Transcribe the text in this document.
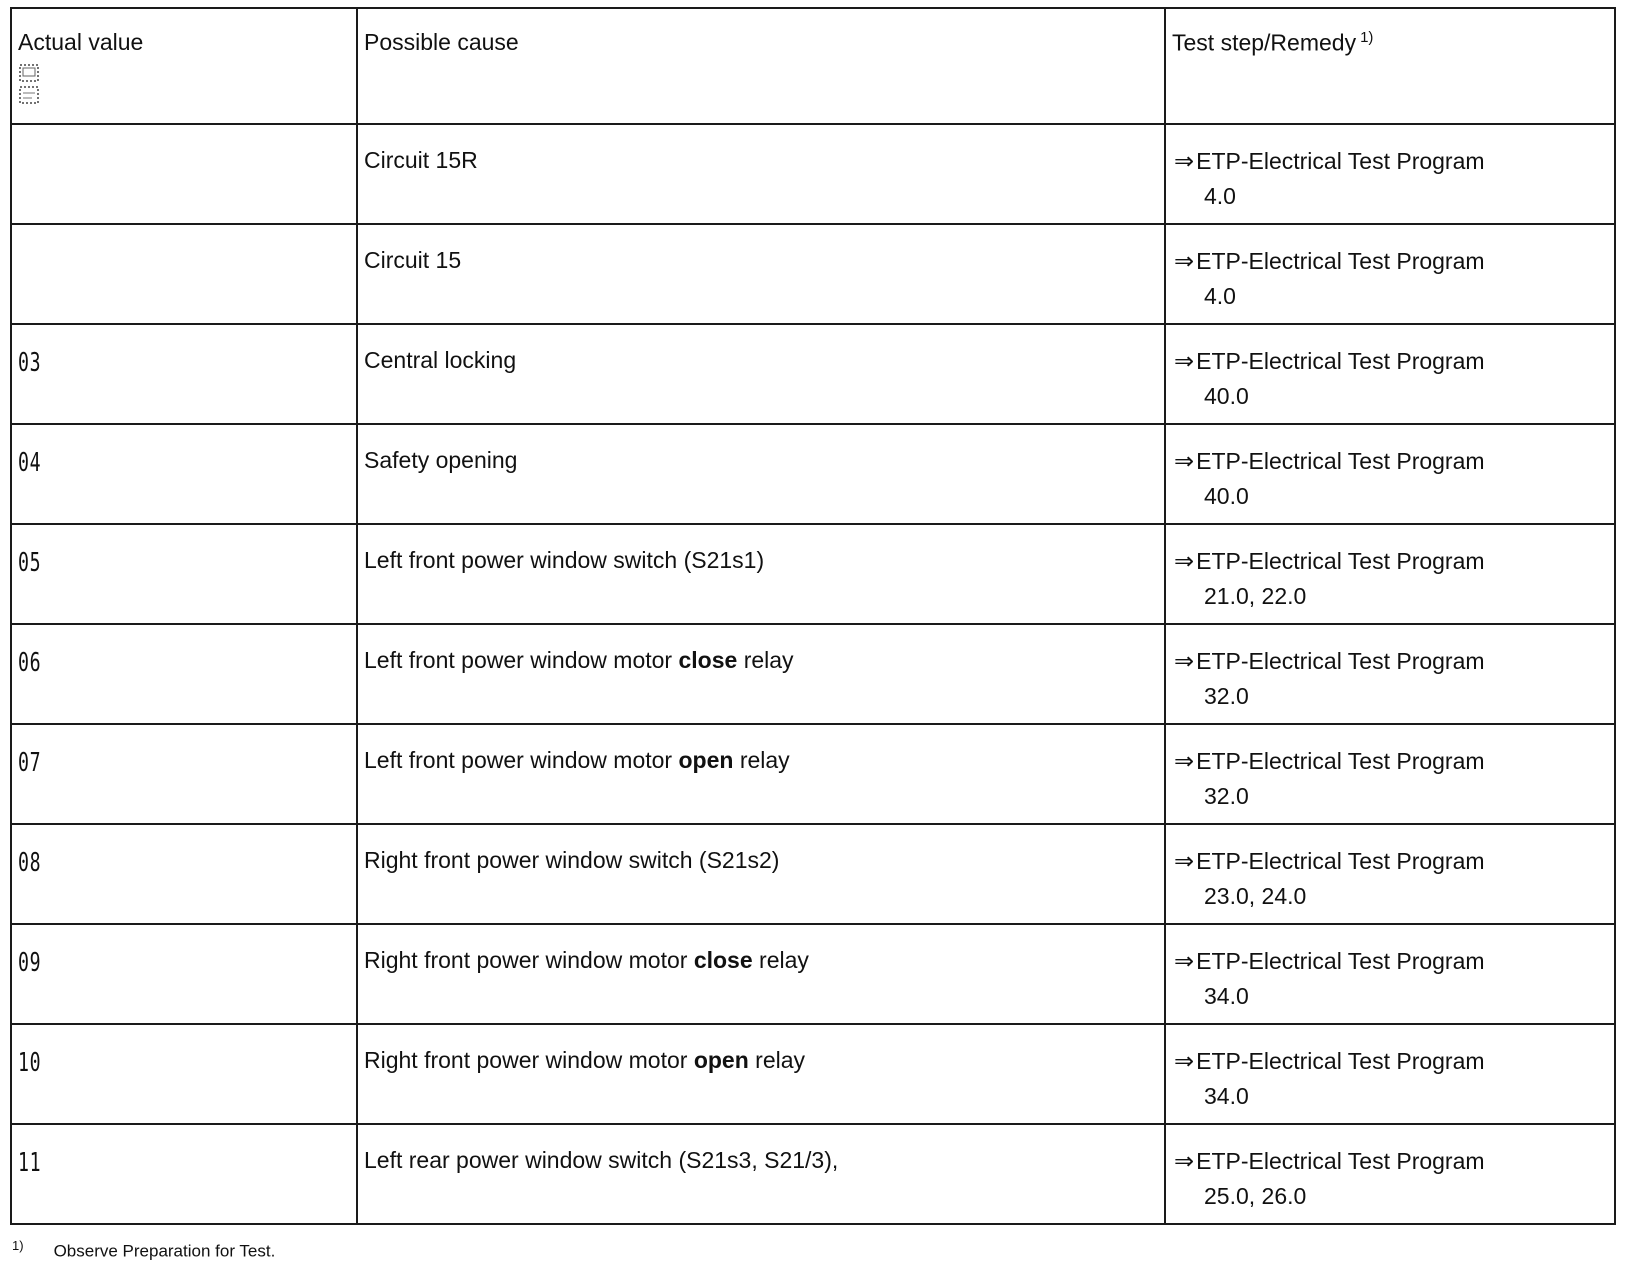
Actual value	Possible cause	Test step/Remedy $^{1)}$

	Circuit 15R	⇒ETP-Electrical Test Program
4.0

	Circuit 15	⇒ETP-Electrical Test Program
4.0

03	Central locking	⇒ETP-Electrical Test Program
40.0

04	Safety opening	⇒ETP-Electrical Test Program
40.0

05	Left front power window switch (S21s1)	⇒ETP-Electrical Test Program
21.0, 22.0

06	Left front power window motor close relay	⇒ETP-Electrical Test Program
32.0

07	Left front power window motor open relay	⇒ETP-Electrical Test Program
32.0

08	Right front power window switch (S21s2)	⇒ETP-Electrical Test Program
23.0, 24.0

09	Right front power window motor close relay	⇒ETP-Electrical Test Program
34.0

10	Right front power window motor open relay	⇒ETP-Electrical Test Program
34.0

11	Left rear power window switch (S21s3, S21/3),	⇒ETP-Electrical Test Program
25.0, 26.0
$^{1)}$ Observe Preparation for Test.
